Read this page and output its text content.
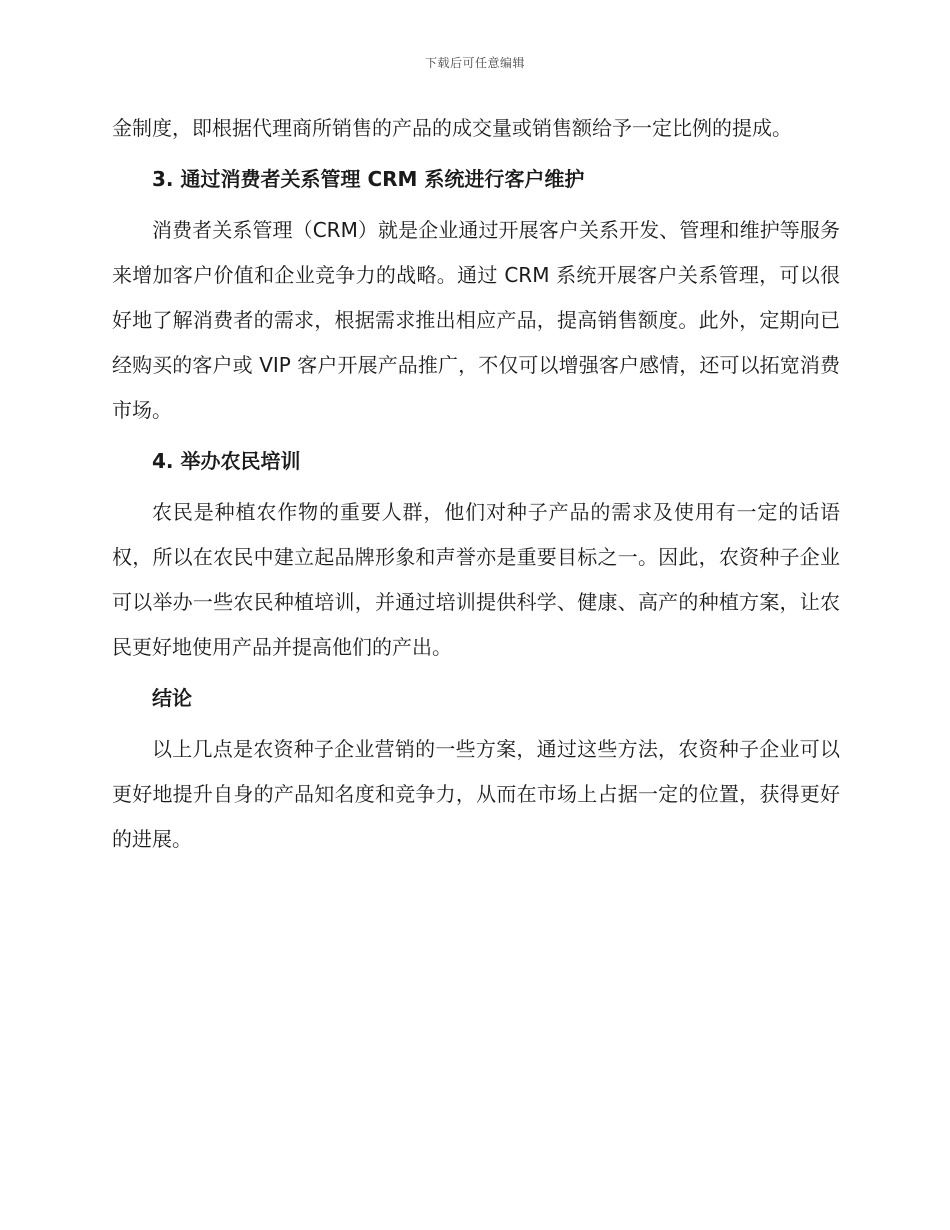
下载后可任意编辑

金制度，即根据代理商所销售的产品的成交量或销售额给予一定比例的提成。

3. 通过消费者关系管理 CRM 系统进行客户维护

消费者关系管理（CRM）就是企业通过开展客户关系开发、管理和维护等服务来增加客户价值和企业竞争力的战略。通过 CRM 系统开展客户关系管理，可以很好地了解消费者的需求，根据需求推出相应产品，提高销售额度。此外，定期向已经购买的客户或 VIP 客户开展产品推广，不仅可以增强客户感情，还可以拓宽消费市场。

4. 举办农民培训

农民是种植农作物的重要人群，他们对种子产品的需求及使用有一定的话语权，所以在农民中建立起品牌形象和声誉亦是重要目标之一。因此，农资种子企业可以举办一些农民种植培训，并通过培训提供科学、健康、高产的种植方案，让农民更好地使用产品并提高他们的产出。

结论

以上几点是农资种子企业营销的一些方案，通过这些方法，农资种子企业可以更好地提升自身的产品知名度和竞争力，从而在市场上占据一定的位置，获得更好的进展。
